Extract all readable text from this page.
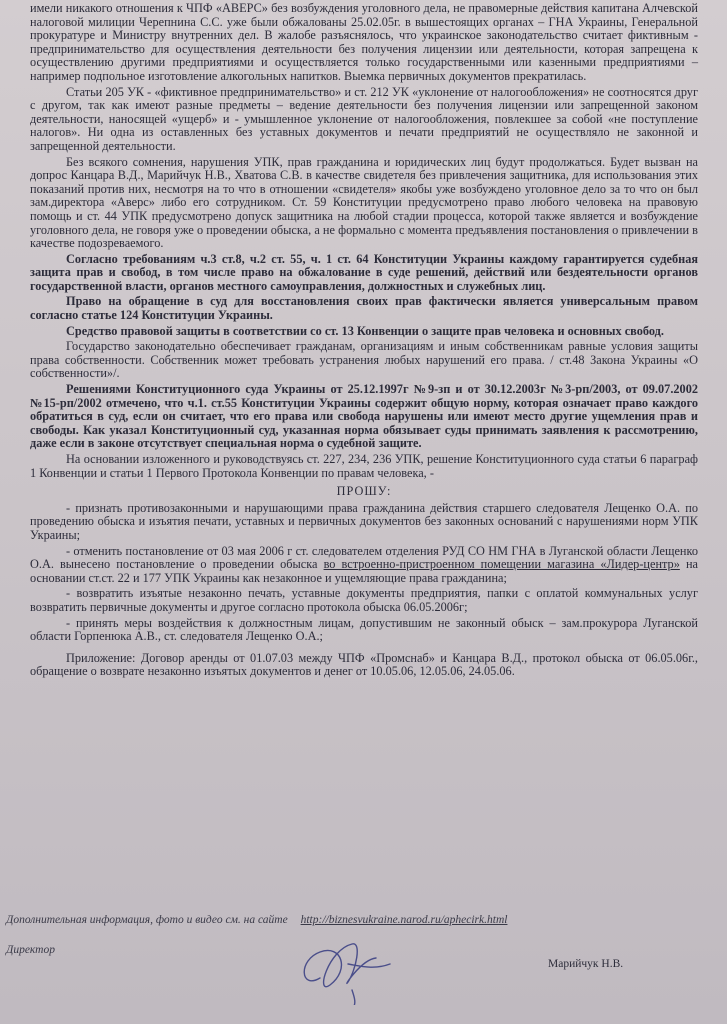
имели никакого отношения к ЧПФ «АВЕРС» без возбуждения уголовного дела, не правомерные действия капитана Алчевской налоговой милиции Черепнина С.С. уже были обжалованы 25.02.05г. в вышестоящих органах – ГНА Украины, Генеральной прокуратуре и Министру внутренних дел. В жалобе разъяснялось, что украинское законодательство считает фиктивным - предпринимательство для осуществления деятельности без получения лицензии или деятельности, которая запрещена к осуществлению другими предприятиями и осуществляется только государственными или казенными предприятиями – например подпольное изготовление алкогольных напитков. Выемка первичных документов прекратилась.

Статьи 205 УК - «фиктивное предпринимательство» и ст. 212 УК «уклонение от налогообложения» не соотносятся друг с другом, так как имеют разные предметы – ведение деятельности без получения лицензии или запрещенной законом деятельности, наносящей «ущерб» и - умышленное уклонение от налогообложения, повлекшее за собой «не поступление налогов». Ни одна из оставленных без уставных документов и печати предприятий не осуществляло не законной и запрещенной деятельности.

Без всякого сомнения, нарушения УПК, прав гражданина и юридических лиц будут продолжаться. Будет вызван на допрос Канцара В.Д., Марийчук Н.В., Хватова С.В. в качестве свидетеля без привлечения защитника, для использования этих показаний против них, несмотря на то что в отношении «свидетеля» якобы уже возбуждено уголовное дело за то что он был зам.директора «Аверс» либо его сотрудником. Ст. 59 Конституции предусмотрено право любого человека на правовую помощь и ст. 44 УПК предусмотрено допуск защитника на любой стадии процесса, которой также является и возбуждение уголовного дела, не говоря уже о проведении обыска, а не формально с момента предъявления постановления о привлечении в качестве подозреваемого.

Согласно требованиям ч.3 ст.8, ч.2 ст. 55, ч. 1 ст. 64 Конституции Украины каждому гарантируется судебная защита прав и свобод, в том числе право на обжалование в суде решений, действий или бездеятельности органов государственной власти, органов местного самоуправления, должностных и служебных лиц.

Право на обращение в суд для восстановления своих прав фактически является универсальным правом согласно статье 124 Конституции Украины.

Средство правовой защиты в соответствии со ст. 13 Конвенции о защите прав человека и основных свобод.

Государство законодательно обеспечивает гражданам, организациям и иным собственникам равные условия защиты права собственности. Собственник может требовать устранения любых нарушений его права. / ст.48 Закона Украины «О собственности»/.

Решениями Конституционного суда Украины от 25.12.1997г №9-зп и от 30.12.2003г №3-рп/2003, от 09.07.2002 №15-рп/2002 отмечено, что ч.1. ст.55 Конституции Украины содержит общую норму, которая означает право каждого обратиться в суд, если он считает, что его права или свобода нарушены или имеют место другие ущемления прав и свободы. Как указал Конституционный суд, указанная норма обязывает суды принимать заявления к рассмотрению, даже если в законе отсутствует специальная норма о судебной защите.

На основании изложенного и руководствуясь ст. 227, 234, 236 УПК, решение Конституционного суда статьи 6 параграф 1 Конвенции и статьи 1 Первого Протокола Конвенции по правам человека, -

ПРОШУ:

- признать противозаконными и нарушающими права гражданина действия старшего следователя Лещенко О.А. по проведению обыска и изъятия печати, уставных и первичных документов без законных оснований с нарушениями норм УПК Украины;

- отменить постановление от 03 мая 2006 г ст. следователем отделения РУД СО НМ ГНА в Луганской области Лещенко О.А. вынесено постановление о проведении обыска во встроенно-пристроенном помещении магазина «Лидер-центр» на основании ст.ст. 22 и 177 УПК Украины как незаконное и ущемляющие права гражданина;

- возвратить изъятые незаконно печать, уставные документы предприятия, папки с оплатой коммунальных услуг возвратить первичные документы и другое согласно протокола обыска 06.05.2006г;

- принять меры воздействия к должностным лицам, допустившим не законный обыск – зам.прокурора Луганской области Горпенюка А.В., ст. следователя Лещенко О.А.;

Приложение: Договор аренды от 01.07.03 между ЧПФ «Промснаб» и Канцара В.Д., протокол обыска от 06.05.06г., обращение о возврате незаконно изъятых документов и денег от 10.05.06, 12.05.06, 24.05.06.

Дополнительная информация, фото и видео см. на сайте http://biznesvukraine.narod.ru/aphecirk.html
Директор
Марийчук Н.В.
